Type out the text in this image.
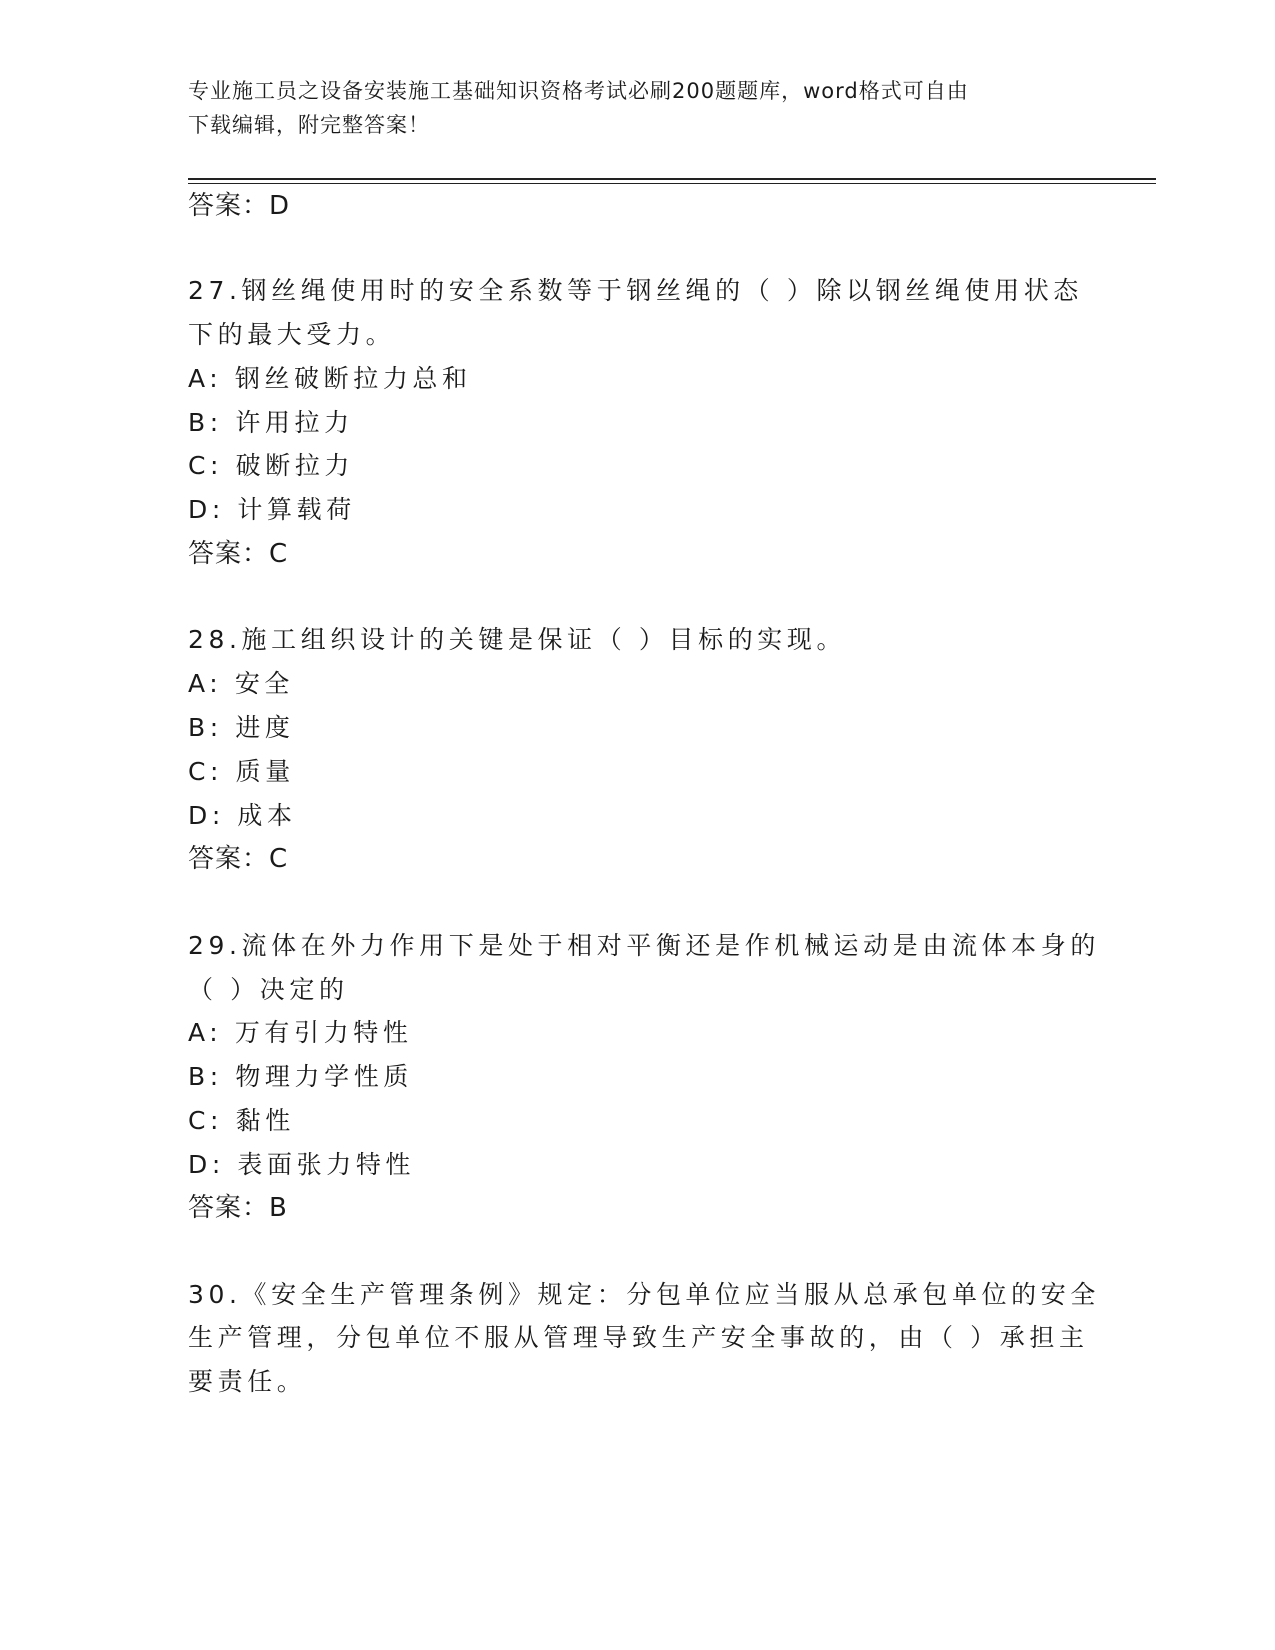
专业施工员之设备安装施工基础知识资格考试必刷200题题库，word格式可自由
下载编辑，附完整答案！
答案：D
27.钢丝绳使用时的安全系数等于钢丝绳的（ ）除以钢丝绳使用状态
下的最大受力。
A: 钢丝破断拉力总和
B: 许用拉力
C: 破断拉力
D: 计算载荷
答案：C
28.施工组织设计的关键是保证（ ）目标的实现。
A: 安全
B: 进度
C: 质量
D: 成本
答案：C
29.流体在外力作用下是处于相对平衡还是作机械运动是由流体本身的
（ ）决定的
A: 万有引力特性
B: 物理力学性质
C: 黏性
D: 表面张力特性
答案：B
30.《安全生产管理条例》规定：分包单位应当服从总承包单位的安全
生产管理，分包单位不服从管理导致生产安全事故的，由（ ）承担主
要责任。
